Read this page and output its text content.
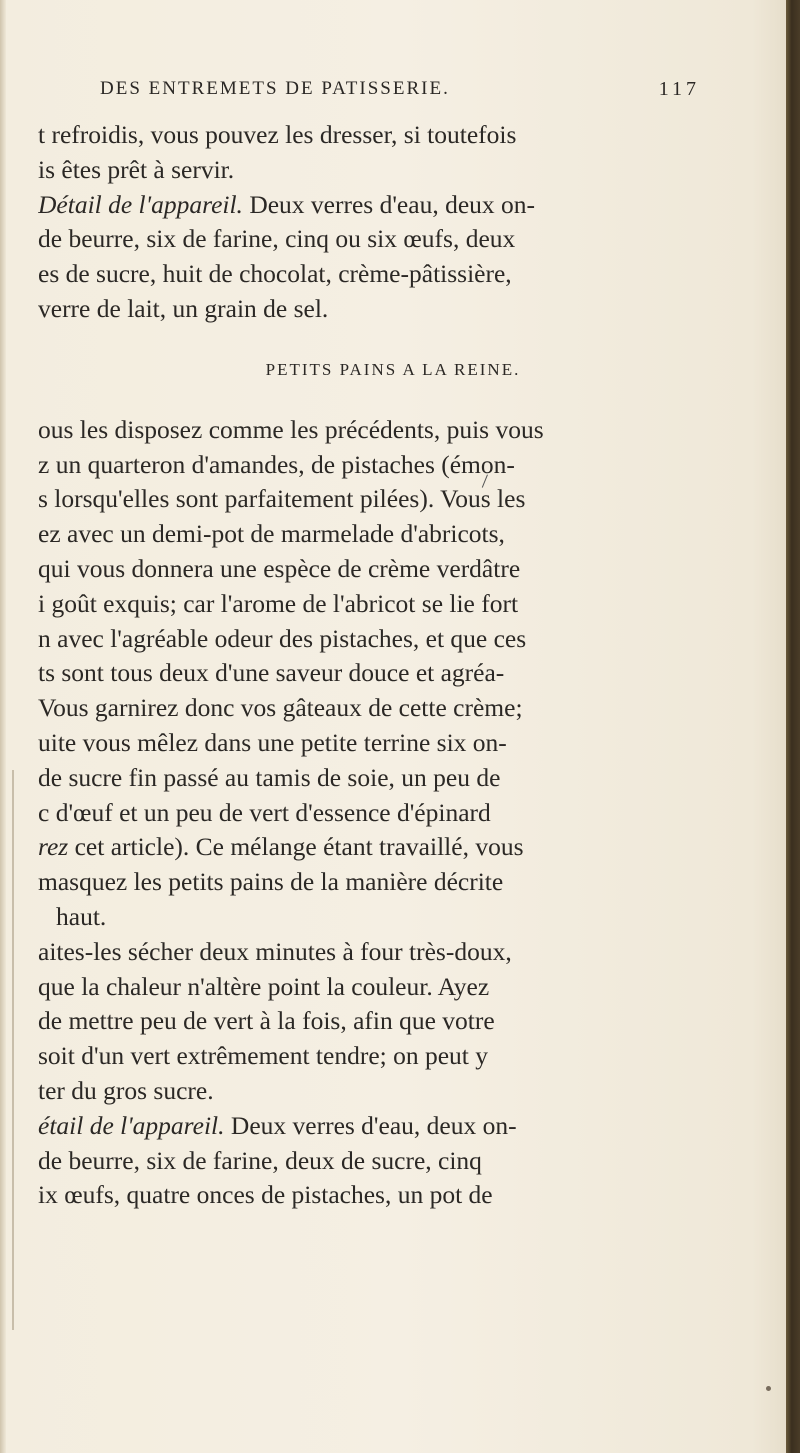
DES ENTREMETS DE PATISSERIE.	117
t refroidis, vous pouvez les dresser, si toutefois
is êtes prêt à servir.
Détail de l'appareil. Deux verres d'eau, deux on-
de beurre, six de farine, cinq ou six œufs, deux
es de sucre, huit de chocolat, crème-pâtissière,
verre de lait, un grain de sel.
PETITS PAINS A LA REINE.
ous les disposez comme les précédents, puis vous
z un quarteron d'amandes, de pistaches (émon-
s lorsqu'elles sont parfaitement pilées). Vous les
ez avec un demi-pot de marmelade d'abricots,
qui vous donnera une espèce de crème verdâtre
i goût exquis; car l'arome de l'abricot se lie fort
n avec l'agréable odeur des pistaches, et que ces
ts sont tous deux d'une saveur douce et agréa-
Vous garnirez donc vos gâteaux de cette crème;
uite vous mêlez dans une petite terrine six on-
de sucre fin passé au tamis de soie, un peu de
c d'œuf et un peu de vert d'essence d'épinard
rez cet article). Ce mélange étant travaillé, vous
masquez les petits pains de la manière décrite
haut.
aites-les sécher deux minutes à four très-doux,
que la chaleur n'altère point la couleur. Ayez
de mettre peu de vert à la fois, afin que votre
soit d'un vert extrêmement tendre; on peut y
ter du gros sucre.
étail de l'appareil. Deux verres d'eau, deux on-
de beurre, six de farine, deux de sucre, cinq
ix œufs, quatre onces de pistaches, un pot de
